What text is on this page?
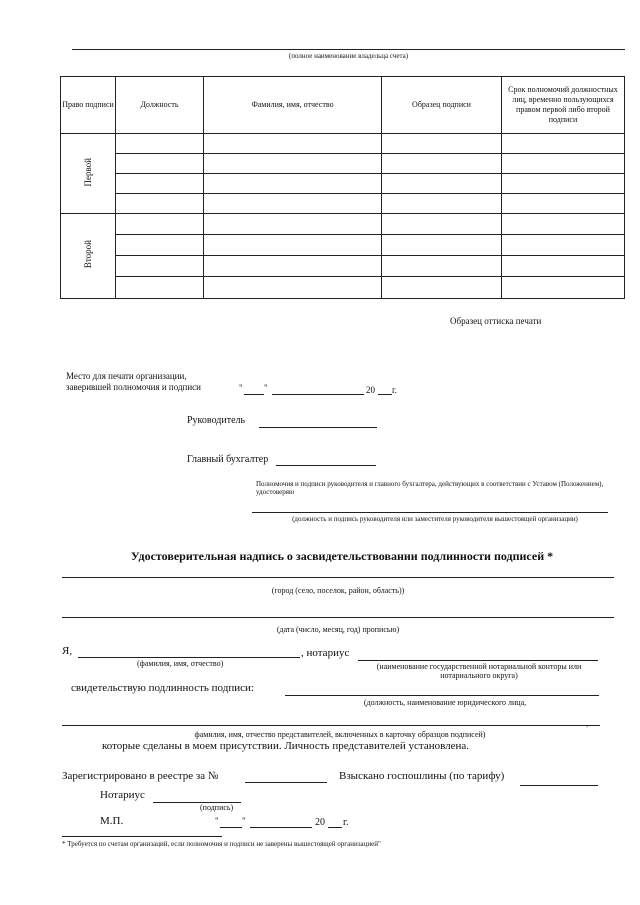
(полное наименование владельца счета)
Право подписи	Должность	Фамилия, имя, отчество	Образец подписи	Срок полномочий должностных лиц, временно пользующихся правом первой либо второй подписи
Первой				

Второй				

Образец оттиска печати
Место для печати организации,
заверившей полномочия и подписи	" "	20 г.
Руководитель
Главный бухгалтер
Полномочия и подписи руководителя и главного бухгалтера, действующих в соответствии с Уставом (Положением), удостоверяю
(должность и подпись руководителя или заместителя руководителя вышестоящей организации)
Удостоверительная надпись о засвидетельствовании подлинности подписей *
(город (село, поселок, район, область))
(дата (число, месяц, год) прописью)
Я,	, нотариус
(фамилия, имя, отчество)	(наименование государственной нотариальной конторы или нотариального округа)
свидетельствую подлинность подписи:
(должность, наименование юридического лица,
,
фамилия, имя, отчество представителей, включенных в карточку образцов подписей)
которые сделаны в моем присутствии. Личность представителей установлена.
Зарегистрировано в реестре за №	Взыскано госпошлины (по тарифу)
Нотариус
(подпись)
М.П.	"	"	20 г.
* Требуется по счетам организаций, если полномочия и подписи не заверены вышестоящей организацией"
